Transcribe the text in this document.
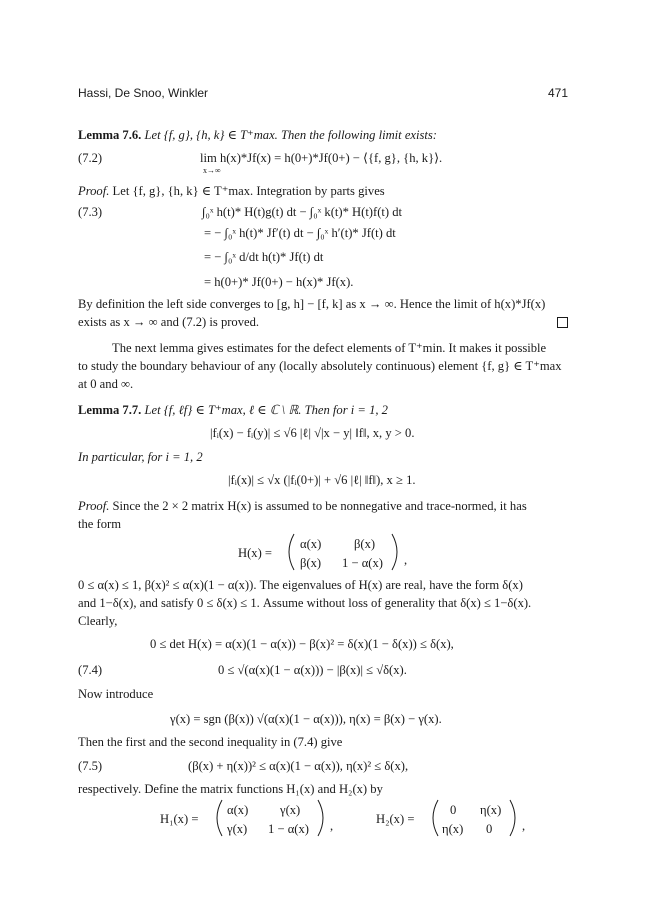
Hassi, De Snoo, Winkler	471
Lemma 7.6. Let {f, g}, {h, k} ∈ T⁺max. Then the following limit exists:
(7.2)	lim h(x)*Jf(x) = h(0+)*Jf(0+) − ⟨{f, g}, {h, k}⟩.
x→∞
Proof. Let {f, g}, {h, k} ∈ T⁺max. Integration by parts gives
(7.3)	∫₀ˣ h(t)* H(t)g(t) dt − ∫₀ˣ k(t)* H(t)f(t) dt
= − ∫₀ˣ h(t)* Jf′(t) dt − ∫₀ˣ h′(t)* Jf(t) dt
= − ∫₀ˣ d/dt h(t)* Jf(t) dt
= h(0+)* Jf(0+) − h(x)* Jf(x).
By definition the left side converges to [g, h] − [f, k] as x → ∞. Hence the limit of h(x)*Jf(x)
exists as x → ∞ and (7.2) is proved.
The next lemma gives estimates for the defect elements of T⁺min. It makes it possible
to study the boundary behaviour of any (locally absolutely continuous) element {f, g} ∈ T⁺max
at 0 and ∞.
Lemma 7.7. Let {f, ℓf} ∈ T⁺max, ℓ ∈ ℂ \ ℝ. Then for i = 1, 2
|fᵢ(x) − fᵢ(y)| ≤ √6 |ℓ| √|x − y| ‖f‖, x, y > 0.
In particular, for i = 1, 2
|fᵢ(x)| ≤ √x (|fᵢ(0+)| + √6 |ℓ| ‖f‖), x ≥ 1.
Proof. Since the 2 × 2 matrix H(x) is assumed to be nonnegative and trace-normed, it has
the form
H(x) =
α(x)	β(x)
β(x) 1 − α(x) ,
0 ≤ α(x) ≤ 1, β(x)² ≤ α(x)(1 − α(x)). The eigenvalues of H(x) are real, have the form δ(x)
and 1−δ(x), and satisfy 0 ≤ δ(x) ≤ 1. Assume without loss of generality that δ(x) ≤ 1−δ(x).
Clearly,
0 ≤ det H(x) = α(x)(1 − α(x)) − β(x)² = δ(x)(1 − δ(x)) ≤ δ(x),
(7.4)	0 ≤ √(α(x)(1 − α(x))) − |β(x)| ≤ √δ(x).
Now introduce
γ(x) = sgn (β(x)) √(α(x)(1 − α(x))), η(x) = β(x) − γ(x).
Then the first and the second inequality in (7.4) give
(7.5)	(β(x) + η(x))² ≤ α(x)(1 − α(x)), η(x)² ≤ δ(x),
respectively. Define the matrix functions H₁(x) and H₂(x) by
H₁(x) =
α(x)	γ(x)
γ(x) 1 − α(x) ,	H₂(x) =
0 η(x)
η(x) 0 ,
